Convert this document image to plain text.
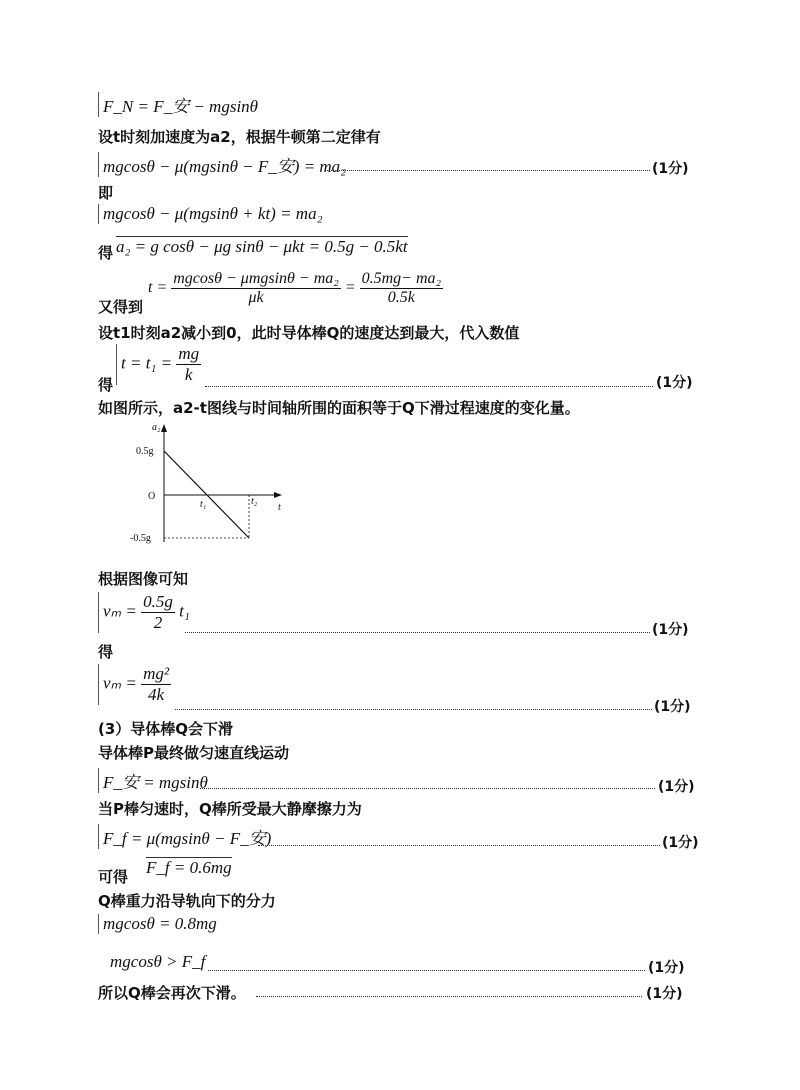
F_N = F_安 − mgsinθ
设t时刻加速度为a2，根据牛顿第二定律有
mgcosθ − μ(mgsinθ − F_安) = ma₂	(1分)
即
mgcosθ − μ(mgsinθ + kt) = ma₂
得 a₂ = g cosθ − μg sinθ − μkt = 0.5g − 0.5kt
又得到
$t = \frac{\text{mgcosθ − μmgsinθ − ma₂}}{\mu k} = \frac{\text{0.5mg− ma₂}}{0.5k}$
设t1时刻a2减小到0，此时导体棒Q的速度达到最大，代入数值
得
$t = t_1 = \frac{mg}{k}$	(1分)
如图所示，a2-t图线与时间轴所围的面积等于Q下滑过程速度的变化量。
a₂
t
0.5g
O
-0.5g
t₁	t₂
根据图像可知
$v_m = \frac{0.5g}{2} t_1$
(1分)
得
$v_m = \frac{\text{mg²}}{4k}$
(1分)
(3）导体棒Q会下滑
导体棒P最终做匀速直线运动
F_安 = mgsinθ	(1分)
当P棒匀速时，Q棒所受最大静摩擦力为
F_f = μ(mgsinθ − F_安)	(1分)
可得 F_f = 0.6mg
Q棒重力沿导轨向下的分力
mgcosθ = 0.8mg
mgcosθ > F_f	(1分)
所以Q棒会再次下滑。	(1分)
